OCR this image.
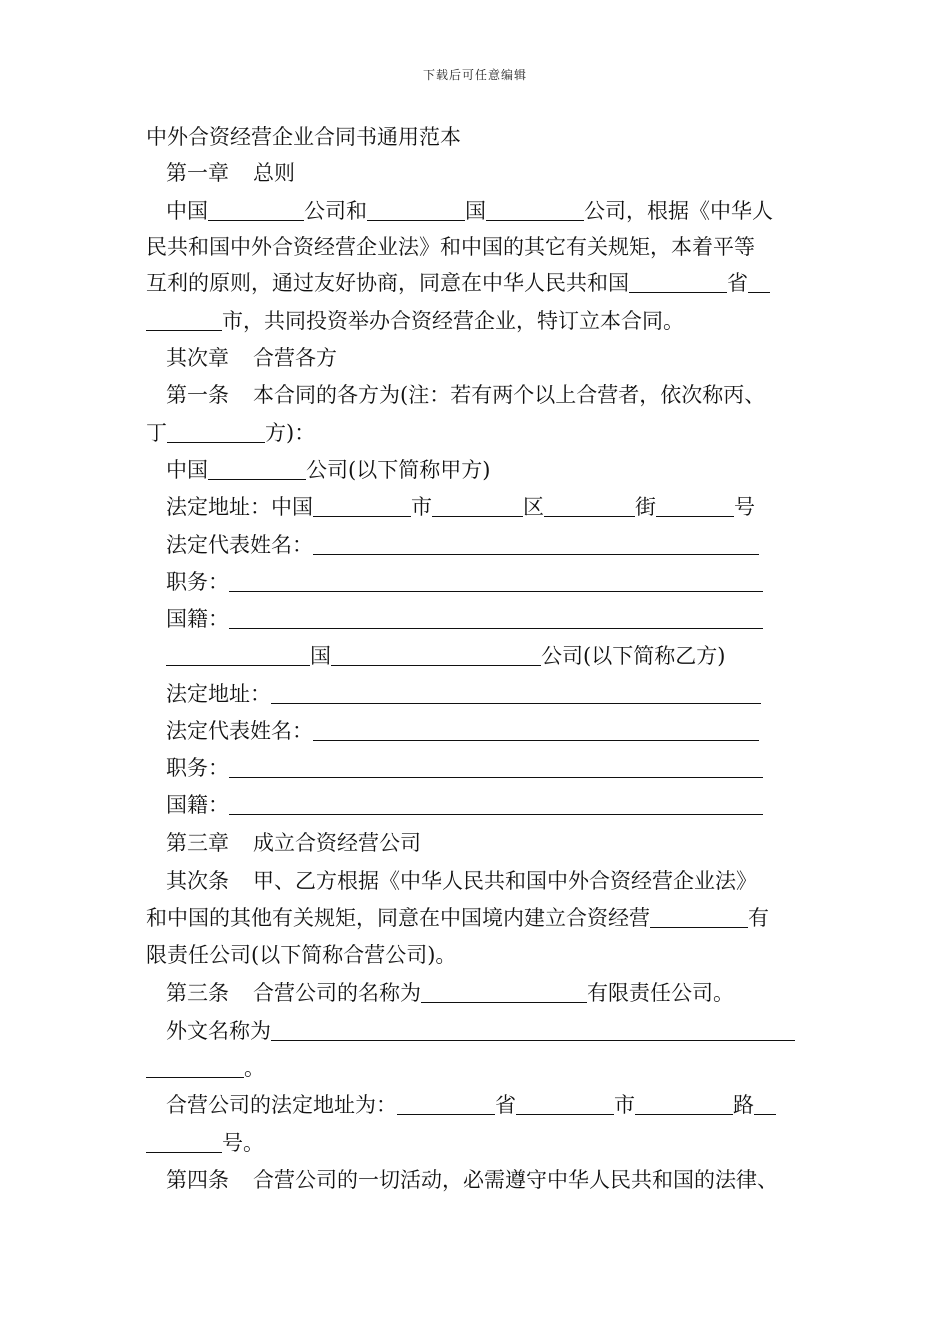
下载后可任意编辑
中外合资经营企业合同书通用范本
第一章 总则
中国	公司和	国	公司，根据《中华人
民共和国中外合资经营企业法》和中国的其它有关规矩，本着平等
互利的原则，通过友好协商，同意在中华人民共和国	省
市，共同投资举办合资经营企业，特订立本合同。
其次章 合营各方
第一条 本合同的各方为(注：若有两个以上合营者，依次称丙、
丁	方)：
中国	公司(以下简称甲方)
法定地址：中国	市	区	街	号
法定代表姓名：
职务：
国籍：
国	公司(以下简称乙方)
法定地址：
法定代表姓名：
职务：
国籍：
第三章 成立合资经营公司
其次条 甲、乙方根据《中华人民共和国中外合资经营企业法》
和中国的其他有关规矩，同意在中国境内建立合资经营	有
限责任公司(以下简称合营公司)。
第三条 合营公司的名称为	有限责任公司。
外文名称为
。
合营公司的法定地址为：	省	市	路
号。
第四条 合营公司的一切活动，必需遵守中华人民共和国的法律、
